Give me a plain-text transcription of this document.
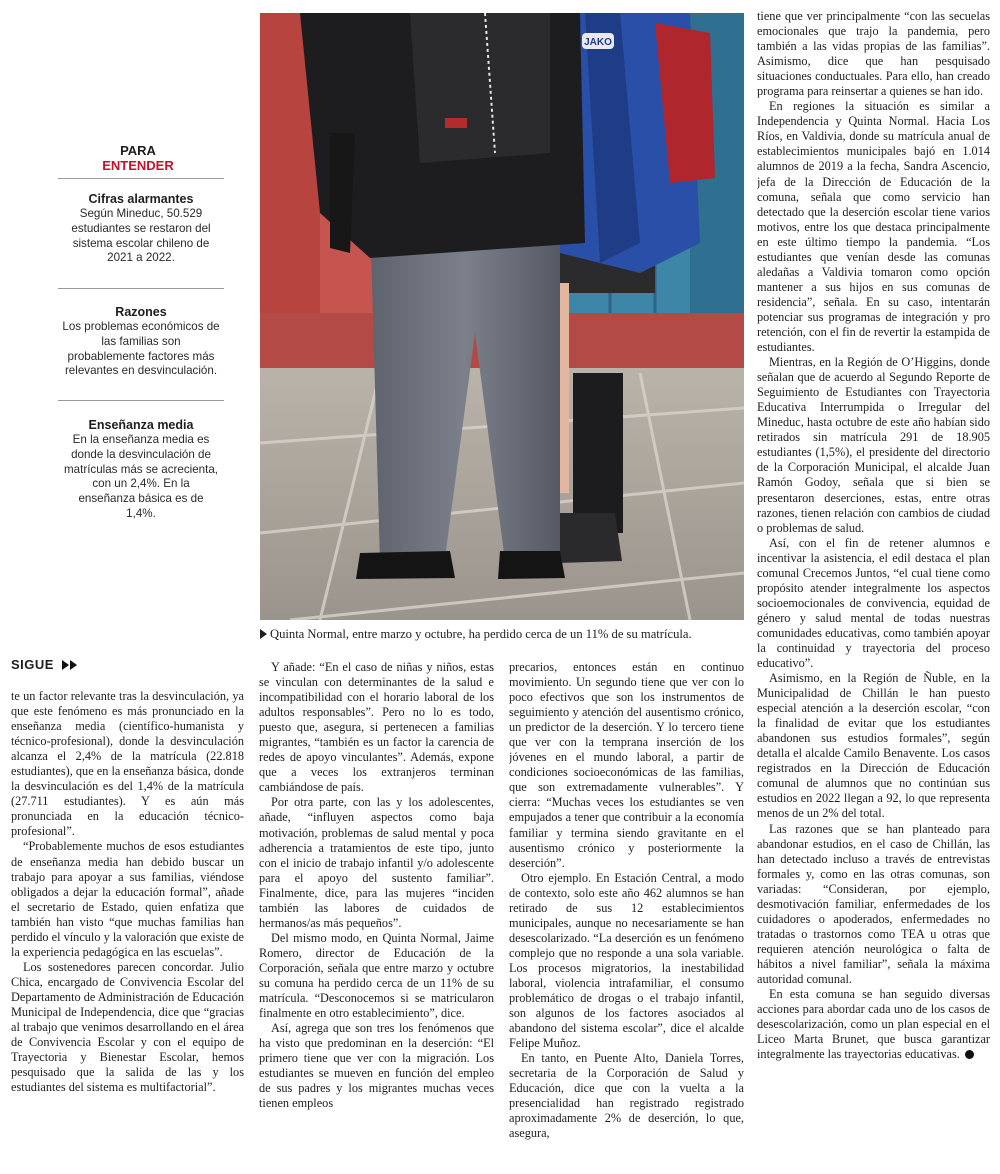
PARA
ENTENDER
Cifras alarmantes
Según Mineduc, 50.529 estudiantes se restaron del sistema escolar chileno de 2021 a 2022.
Razones
Los problemas económicos de las familias son probablemente factores más relevantes en desvinculación.
Enseñanza media
En la enseñanza media es donde la desvinculación de matrículas más se acrecienta, con un 2,4%. En la enseñanza básica es de 1,4%.
JAKO
Quinta Normal, entre marzo y octubre, ha perdido cerca de un 11% de su matrícula.
SIGUE

te un factor relevante tras la desvinculación, ya que este fenómeno es más pronunciado en la enseñanza media (científico-humanista y técnico-profesional), donde la desvinculación alcanza el 2,4% de la matrícula (22.818 estudiantes), que en la enseñanza básica, donde la desvinculación es del 1,4% de la matrícula (27.711 estudiantes). Y es aún más pronunciada en la educación técnico-profesional”.

“Probablemente muchos de esos estudiantes de enseñanza media han debido buscar un trabajo para apoyar a sus familias, viéndose obligados a dejar la educación formal”, añade el secretario de Estado, quien enfatiza que también han visto “que muchas familias han perdido el vínculo y la valoración que existe de la experiencia pedagógica en las escuelas”.

Los sostenedores parecen concordar. Julio Chica, encargado de Convivencia Escolar del Departamento de Administración de Educación Municipal de Independencia, dice que “gracias al trabajo que venimos desarrollando en el área de Convivencia Escolar y con el equipo de Trayectoria y Bienestar Escolar, hemos pesquisado que la salida de las y los estudiantes del sistema es multifactorial”.

Y añade: “En el caso de niñas y niños, estas se vinculan con determinantes de la salud e incompatibilidad con el horario laboral de los adultos responsables”. Pero no lo es todo, puesto que, asegura, si pertenecen a familias migrantes, “también es un factor la carencia de redes de apoyo vinculantes”. Además, expone que a veces los extranjeros terminan cambiándose de país.

Por otra parte, con las y los adolescentes, añade, “influyen aspectos como baja motivación, problemas de salud mental y poca adherencia a tratamientos de este tipo, junto con el inicio de trabajo infantil y/o adolescente para el apoyo del sustento familiar”. Finalmente, dice, para las mujeres “inciden también las labores de cuidados de hermanos/as más pequeños”.

Del mismo modo, en Quinta Normal, Jaime Romero, director de Educación de la Corporación, señala que entre marzo y octubre su comuna ha perdido cerca de un 11% de su matrícula. “Desconocemos si se matricularon finalmente en otro establecimiento”, dice.

Así, agrega que son tres los fenómenos que ha visto que predominan en la deserción: “El primero tiene que ver con la migración. Los estudiantes se mueven en función del empleo de sus padres y los migrantes muchas veces tienen empleos

precarios, entonces están en continuo movimiento. Un segundo tiene que ver con lo poco efectivos que son los instrumentos de seguimiento y atención del ausentismo crónico, un predictor de la deserción. Y lo tercero tiene que ver con la temprana inserción de los jóvenes en el mundo laboral, a partir de condiciones socioeconómicas de las familias, que son extremadamente vulnerables”. Y cierra: “Muchas veces los estudiantes se ven empujados a tener que contribuir a la economía familiar y termina siendo gravitante en el ausentismo crónico y posteriormente la deserción”.

Otro ejemplo. En Estación Central, a modo de contexto, solo este año 462 alumnos se han retirado de sus 12 establecimientos municipales, aunque no necesariamente se han desescolarizado. “La deserción es un fenómeno complejo que no responde a una sola variable. Los procesos migratorios, la inestabilidad laboral, violencia intrafamiliar, el consumo problemático de drogas o el trabajo infantil, son algunos de los factores asociados al abandono del sistema escolar”, dice el alcalde Felipe Muñoz.

En tanto, en Puente Alto, Daniela Torres, secretaria de la Corporación de Salud y Educación, dice que con la vuelta a la presencialidad han registrado registrado aproximadamente 2% de deserción, lo que, asegura,

tiene que ver principalmente “con las secuelas emocionales que trajo la pandemia, pero también a las vidas propias de las familias”. Asimismo, dice que han pesquisado situaciones conductuales. Para ello, han creado programa para reinsertar a quienes se han ido.

En regiones la situación es similar a Independencia y Quinta Normal. Hacia Los Ríos, en Valdivia, donde su matrícula anual de establecimientos municipales bajó en 1.014 alumnos de 2019 a la fecha, Sandra Ascencio, jefa de la Dirección de Educación de la comuna, señala que como servicio han detectado que la deserción escolar tiene varios motivos, entre los que destaca principalmente en este último tiempo la pandemia. “Los estudiantes que venían desde las comunas aledañas a Valdivia tomaron como opción mantener a sus hijos en sus comunas de residencia”, señala. En su caso, intentarán potenciar sus programas de integración y pro retención, con el fin de revertir la estampida de estudiantes.

Mientras, en la Región de O’Higgins, donde señalan que de acuerdo al Segundo Reporte de Seguimiento de Estudiantes con Trayectoria Educativa Interrumpida o Irregular del Mineduc, hasta octubre de este año habían sido retirados sin matrícula 291 de 18.905 estudiantes (1,5%), el presidente del directorio de la Corporación Municipal, el alcalde Juan Ramón Godoy, señala que si bien se presentaron deserciones, estas, entre otras razones, tienen relación con cambios de ciudad o problemas de salud.

Así, con el fin de retener alumnos e incentivar la asistencia, el edil destaca el plan comunal Crecemos Juntos, “el cual tiene como propósito atender integralmente los aspectos socioemocionales de convivencia, equidad de género y salud mental de todas nuestras comunidades educativas, como también apoyar la continuidad y trayectoria del proceso educativo”.

Asimismo, en la Región de Ñuble, en la Municipalidad de Chillán le han puesto especial atención a la deserción escolar, “con la finalidad de evitar que los estudiantes abandonen sus estudios formales”, según detalla el alcalde Camilo Benavente. Los casos registrados en la Dirección de Educación comunal de alumnos que no continúan sus estudios en 2022 llegan a 92, lo que representa menos de un 2% del total.

Las razones que se han planteado para abandonar estudios, en el caso de Chillán, las han detectado incluso a través de entrevistas formales y, como en las otras comunas, son variadas: “Consideran, por ejemplo, desmotivación familiar, enfermedades de los cuidadores o apoderados, enfermedades no tratadas o trastornos como TEA u otras que requieren atención neurológica o falta de hábitos a nivel familiar”, señala la máxima autoridad comunal.

En esta comuna se han seguido diversas acciones para abordar cada uno de los casos de desescolarización, como un plan especial en el Liceo Marta Brunet, que busca garantizar integralmente las trayectorias educativas.
